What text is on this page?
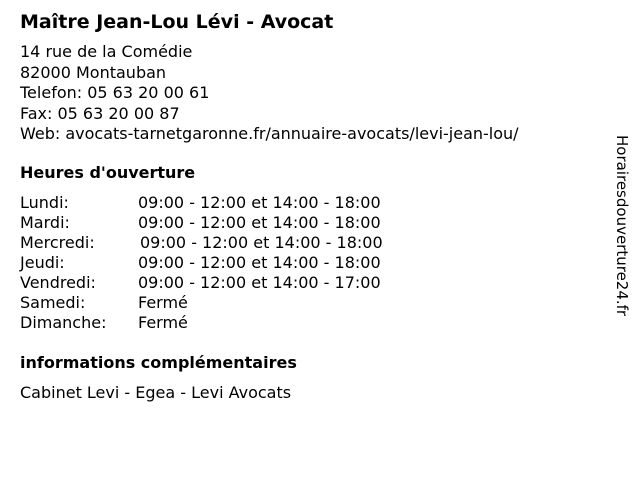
Maître Jean-Lou Lévi - Avocat
14 rue de la Comédie
82000 Montauban
Telefon: 05 63 20 00 61
Fax: 05 63 20 00 87
Web: avocats-tarnetgaronne.fr/annuaire-avocats/levi-jean-lou/
Heures d'ouverture
Lundi:	09:00 - 12:00 et 14:00 - 18:00
Mardi:	09:00 - 12:00 et 14:00 - 18:00
Mercredi:	09:00 - 12:00 et 14:00 - 18:00
Jeudi:	09:00 - 12:00 et 14:00 - 18:00
Vendredi:	09:00 - 12:00 et 14:00 - 17:00
Samedi:	Fermé
Dimanche: Fermé
informations complémentaires
Cabinet Levi - Egea - Levi Avocats
Horairesdouverture24.fr
